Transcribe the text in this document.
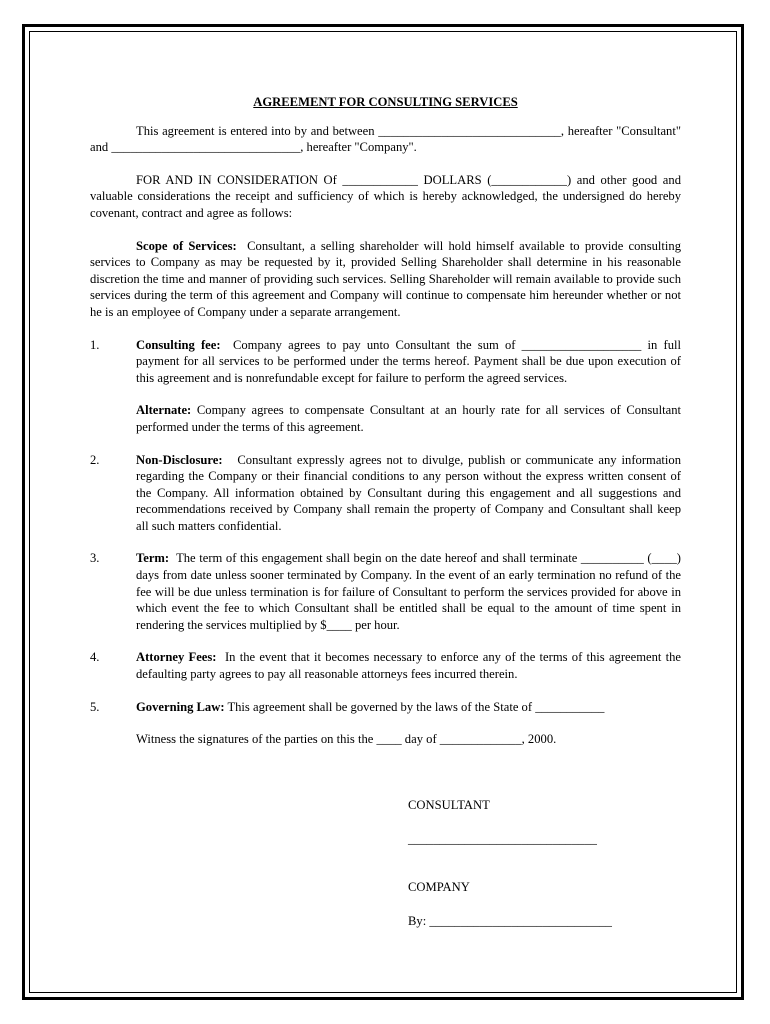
AGREEMENT FOR CONSULTING SERVICES

This agreement is entered into by and between _____________________________, hereafter "Consultant" and ______________________________, hereafter "Company".

FOR AND IN CONSIDERATION Of ____________ DOLLARS (____________) and other good and valuable considerations the receipt and sufficiency of which is hereby acknowledged, the undersigned do hereby covenant, contract and agree as follows:

Scope of Services: Consultant, a selling shareholder will hold himself available to provide consulting services to Company as may be requested by it, provided Selling Shareholder shall determine in his reasonable discretion the time and manner of providing such services. Selling Shareholder will remain available to provide such services during the term of this agreement and Company will continue to compensate him hereunder whether or not he is an employee of Company under a separate arrangement.

1.	Consulting fee: Company agrees to pay unto Consultant the sum of ___________________ in full payment for all services to be performed under the terms hereof. Payment shall be due upon execution of this agreement and is nonrefundable except for failure to perform the agreed services.
Alternate: Company agrees to compensate Consultant at an hourly rate for all services of Consultant performed under the terms of this agreement.
2.	Non-Disclosure: Consultant expressly agrees not to divulge, publish or communicate any information regarding the Company or their financial conditions to any person without the express written consent of the Company. All information obtained by Consultant during this engagement and all suggestions and recommendations received by Company shall remain the property of Company and Consultant shall keep all such matters confidential.
3.	Term: The term of this engagement shall begin on the date hereof and shall terminate __________ (____) days from date unless sooner terminated by Company. In the event of an early termination no refund of the fee will be due unless termination is for failure of Consultant to perform the services provided for above in which event the fee to which Consultant shall be entitled shall be equal to the amount of time spent in rendering the services multiplied by $____ per hour.
4.	Attorney Fees: In the event that it becomes necessary to enforce any of the terms of this agreement the defaulting party agrees to pay all reasonable attorneys fees incurred therein.
5.	Governing Law: This agreement shall be governed by the laws of the State of ___________
Witness the signatures of the parties on this the ____ day of _____________, 2000.
CONSULTANT
______________________________
COMPANY
By: _____________________________
